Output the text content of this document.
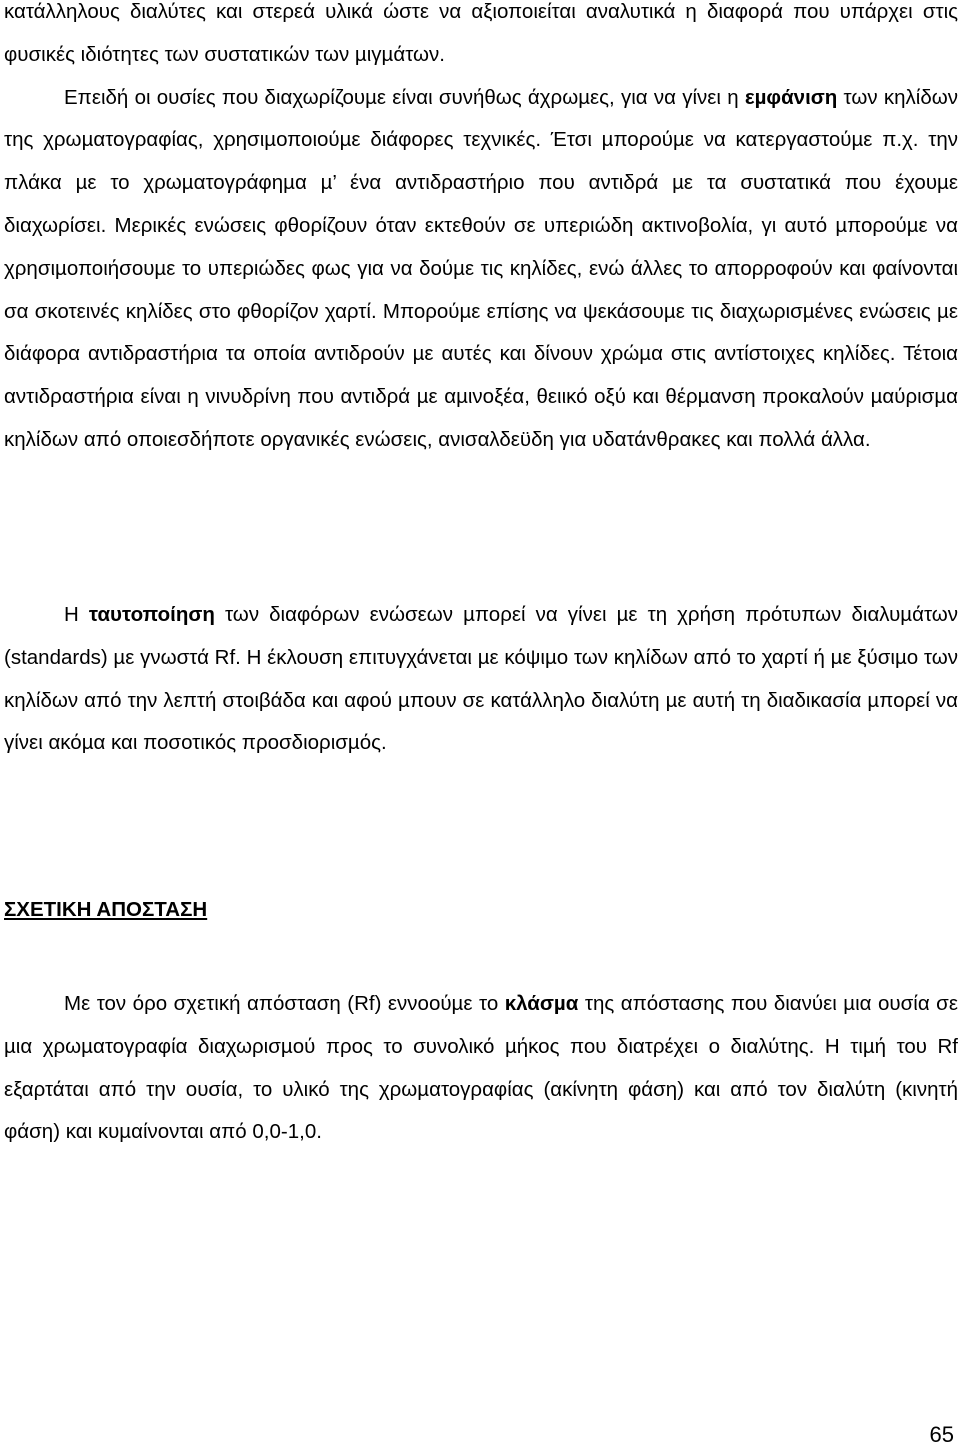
κατάλληλους διαλύτες και στερεά υλικά ώστε να αξιοποιείται αναλυτικά η διαφορά που υπάρχει στις φυσικές ιδιότητες των συστατικών των µιγµάτων.
Επειδή οι ουσίες που διαχωρίζουµε είναι συνήθως άχρωµες, για να γίνει η εµφάνιση των κηλίδων της χρωµατογραφίας, χρησιµοποιούµε διάφορες τεχνικές. Έτσι µπορούµε να κατεργαστούµε π.χ. την πλάκα µε το χρωµατογράφηµα µ’ ένα αντιδραστήριο που αντιδρά µε τα συστατικά που έχουµε διαχωρίσει. Μερικές ενώσεις φθορίζουν όταν εκτεθούν σε υπεριώδη ακτινοβολία, γι αυτό µπορούµε να χρησιµοποιήσουµε το υπεριώδες φως για να δούµε τις κηλίδες, ενώ άλλες το απορροφούν και φαίνονται σα σκοτεινές κηλίδες στο φθορίζον χαρτί. Μπορούµε επίσης να ψεκάσουµε τις διαχωρισµένες ενώσεις µε διάφορα αντιδραστήρια τα οποία αντιδρούν µε αυτές και δίνουν χρώµα στις αντίστοιχες κηλίδες. Τέτοια αντιδραστήρια είναι η νινυδρίνη που αντιδρά µε αµινοξέα, θειικό οξύ και θέρµανση προκαλούν µαύρισµα κηλίδων από οποιεσδήποτε οργανικές ενώσεις, ανισαλδεϋδη για υδατάνθρακες και πολλά άλλα.

Η ταυτοποίηση των διαφόρων ενώσεων µπορεί να γίνει µε τη χρήση πρότυπων διαλυµάτων (standards) µε γνωστά Rf. Η έκλουση επιτυγχάνεται µε κόψιµο των κηλίδων από το χαρτί ή µε ξύσιµο των κηλίδων από την λεπτή στοιβάδα και αφού µπουν σε κατάλληλο διαλύτη µε αυτή τη διαδικασία µπορεί να γίνει ακόµα και ποσοτικός προσδιορισµός.

ΣΧΕΤΙΚΗ ΑΠΟΣΤΑΣΗ

Με τον όρο σχετική απόσταση (Rf) εννοούµε το κλάσµα της απόστασης που διανύει µια ουσία σε µια χρωµατογραφία διαχωρισµού προς το συνολικό µήκος που διατρέχει ο διαλύτης. Η τιµή του Rf εξαρτάται από την ουσία, το υλικό της χρωµατογραφίας (ακίνητη φάση) και από τον διαλύτη (κινητή φάση) και κυµαίνονται από 0,0-1,0.

65
